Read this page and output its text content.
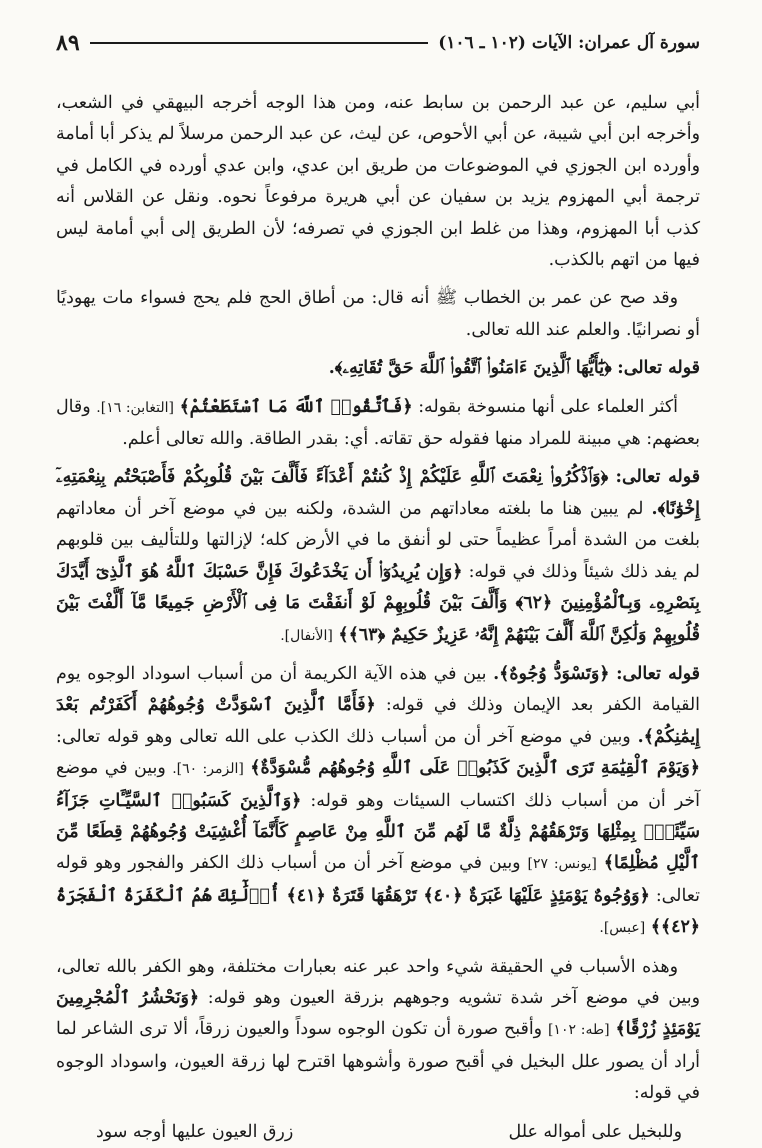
سورة آل عمران: الآيات (١٠٢ ـ ١٠٦)
٨٩

أبي سليم، عن عبد الرحمن بن سابط عنه، ومن هذا الوجه أخرجه البيهقي في الشعب، وأخرجه ابن أبي شيبة، عن أبي الأحوص، عن ليث، عن عبد الرحمن مرسلاً لم يذكر أبا أمامة وأورده ابن الجوزي في الموضوعات من طريق ابن عدي، وابن عدي أورده في الكامل في ترجمة أبي المهزوم يزيد بن سفيان عن أبي هريرة مرفوعاً نحوه. ونقل عن القلاس أنه كذب أبا المهزوم، وهذا من غلط ابن الجوزي في تصرفه؛ لأن الطريق إلى أبي أمامة ليس فيها من اتهم بالكذب.

وقد صح عن عمر بن الخطاب ﷺ أنه قال: من أطاق الحج فلم يحج فسواء مات يهوديًا أو نصرانيًا. والعلم عند الله تعالى.

قوله تعالى: ﴿يَٰٓأَيُّهَا ٱلَّذِينَ ءَامَنُوا۟ ٱتَّقُوا۟ ٱللَّهَ حَقَّ تُقَاتِهِۦ﴾.

أكثر العلماء على أنها منسوخة بقوله: ﴿فَٱتَّقُوا۟ ٱللَّهَ مَا ٱسْتَطَعْتُمْ﴾ [التغابن: ١٦]. وقال بعضهم: هي مبينة للمراد منها فقوله حق تقاته. أي: بقدر الطاقة. والله تعالى أعلم.

قوله تعالى: ﴿وَٱذْكُرُوا۟ نِعْمَتَ ٱللَّهِ عَلَيْكُمْ إِذْ كُنتُمْ أَعْدَآءً فَأَلَّفَ بَيْنَ قُلُوبِكُمْ فَأَصْبَحْتُم بِنِعْمَتِهِۦٓ إِخْوَٰنًا﴾. لم يبين هنا ما بلغته معاداتهم من الشدة، ولكنه بين في موضع آخر أن معاداتهم بلغت من الشدة أمراً عظيماً حتى لو أنفق ما في الأرض كله؛ لإزالتها وللتأليف بين قلوبهم لم يفد ذلك شيئاً وذلك في قوله: ﴿وَإِن يُرِيدُوٓا۟ أَن يَخْدَعُوكَ فَإِنَّ حَسْبَكَ ٱللَّهُ هُوَ ٱلَّذِىٓ أَيَّدَكَ بِنَصْرِهِۦ وَبِٱلْمُؤْمِنِينَ ﴿٦٢﴾ وَأَلَّفَ بَيْنَ قُلُوبِهِمْ لَوْ أَنفَقْتَ مَا فِى ٱلْأَرْضِ جَمِيعًا مَّآ أَلَّفْتَ بَيْنَ قُلُوبِهِمْ وَلَٰكِنَّ ٱللَّهَ أَلَّفَ بَيْنَهُمْ إِنَّهُۥ عَزِيزٌ حَكِيمٌ ﴿٦٣﴾﴾ [الأنفال].

قوله تعالى: ﴿وَتَسْوَدُّ وُجُوهٌ﴾. بين في هذه الآية الكريمة أن من أسباب اسوداد الوجوه يوم القيامة الكفر بعد الإيمان وذلك في قوله: ﴿فَأَمَّا ٱلَّذِينَ ٱسْوَدَّتْ وُجُوهُهُمْ أَكَفَرْتُم بَعْدَ إِيمَٰنِكُمْ﴾. وبين في موضع آخر أن من أسباب ذلك الكذب على الله تعالى وهو قوله تعالى: ﴿وَيَوْمَ ٱلْقِيَٰمَةِ تَرَى ٱلَّذِينَ كَذَبُوا۟ عَلَى ٱللَّهِ وُجُوهُهُم مُّسْوَدَّةٌ﴾ [الزمر: ٦٠]. وبين في موضع آخر أن من أسباب ذلك اكتساب السيئات وهو قوله: ﴿وَٱلَّذِينَ كَسَبُوا۟ ٱلسَّيِّـَٔاتِ جَزَآءُ سَيِّئَةٍۭ بِمِثْلِهَا وَتَرْهَقُهُمْ ذِلَّةٌ مَّا لَهُم مِّنَ ٱللَّهِ مِنْ عَاصِمٍ كَأَنَّمَآ أُغْشِيَتْ وُجُوهُهُمْ قِطَعًا مِّنَ ٱلَّيْلِ مُظْلِمًا﴾ [يونس: ٢٧] وبين في موضع آخر أن من أسباب ذلك الكفر والفجور وهو قوله تعالى: ﴿وَوُجُوهٌ يَوْمَئِذٍ عَلَيْهَا غَبَرَةٌ ﴿٤٠﴾ تَرْهَقُهَا قَتَرَةٌ ﴿٤١﴾ أُو۟لَٰٓئِكَ هُمُ ٱلْكَفَرَةُ ٱلْفَجَرَةُ ﴿٤٢﴾﴾ [عبس].

وهذه الأسباب في الحقيقة شيء واحد عبر عنه بعبارات مختلفة، وهو الكفر بالله تعالى، وبين في موضع آخر شدة تشويه وجوههم بزرقة العيون وهو قوله: ﴿وَنَحْشُرُ ٱلْمُجْرِمِينَ يَوْمَئِذٍ زُرْقًا﴾ [طه: ١٠٢] وأقبح صورة أن تكون الوجوه سوداً والعيون زرقاً، ألا ترى الشاعر لما أراد أن يصور علل البخيل في أقبح صورة وأشوهها اقترح لها زرقة العيون، واسوداد الوجوه في قوله:

وللبخيل على أمواله علل
زرق العيون عليها أوجه سود
